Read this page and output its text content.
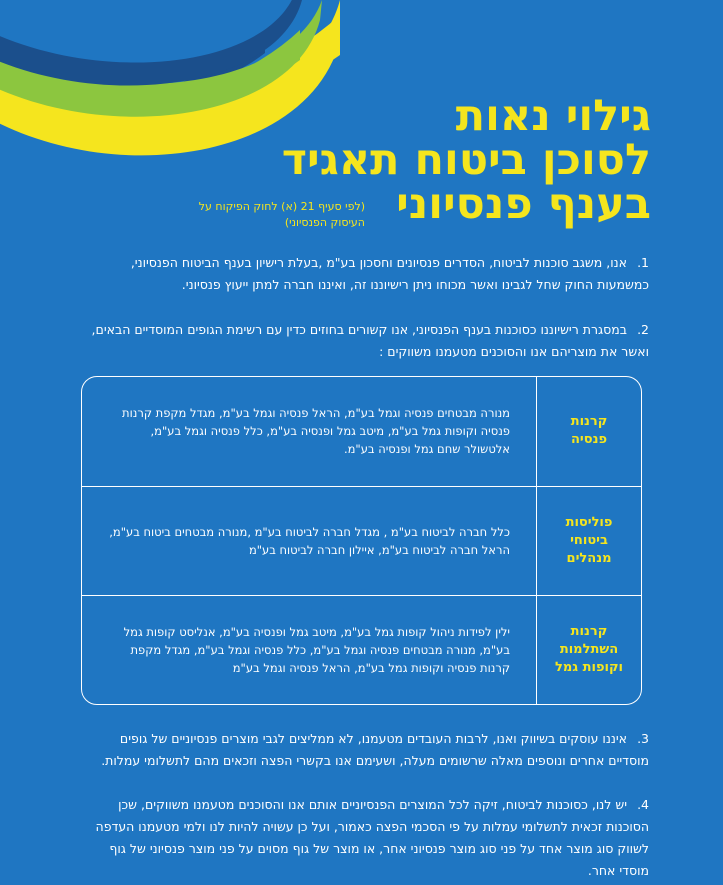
גילוי נאות
לסוכן ביטוח תאגיד
בענף פנסיוני
(לפי סעיף 21 (א) לחוק הפיקוח על העיסוק הפנסיוני)
1.אנו, משגב סוכנות לביטוח, הסדרים פנסיונים וחסכון בע"מ ,בעלת רישיון בענף הביטוח הפנסיוני, כמשמעות החוק שחל לגבינו ואשר מכוחו ניתן רישיוננו זה, ואיננו חברה למתן ייעוץ פנסיוני.
2.במסגרת רישיוננו כסוכנות בענף הפנסיוני, אנו קשורים בחוזים כדין עם רשימת הגופים המוסדיים הבאים, ואשר את מוצריהם אנו והסוכנים מטעמנו משווקים :
קרנות
פנסיה
מנורה מבטחים פנסיה וגמל בע"מ, הראל פנסיה וגמל בע"מ, מגדל מקפת קרנות פנסיה וקופות גמל בע"מ, מיטב גמל ופנסיה בע"מ, כלל פנסיה וגמל בע"מ, אלטשולר שחם גמל ופנסיה בע"מ.
פוליסות
ביטוחי
מנהלים
כלל חברה לביטוח בע"מ , מגדל חברה לביטוח בע"מ ,מנורה מבטחים ביטוח בע"מ, הראל חברה לביטוח בע"מ, איילון חברה לביטוח בע"מ
קרנות
השתלמות
וקופות גמל
ילין לפידות ניהול קופות גמל בע"מ, מיטב גמל ופנסיה בע"מ, אנליסט קופות גמל בע"מ, מנורה מבטחים פנסיה וגמל בע"מ, כלל פנסיה וגמל בע"מ, מגדל מקפת קרנות פנסיה וקופות גמל בע"מ, הראל פנסיה וגמל בע"מ
3.איננו עוסקים בשיווק ואנו, לרבות העובדים מטעמנו, לא ממליצים לגבי מוצרים פנסיוניים של גופים מוסדיים אחרים ונוספים מאלה שרשומים מעלה, ושעימם אנו בקשרי הפצה וזכאים מהם לתשלומי עמלות.
4.יש לנו, כסוכנות לביטוח, זיקה לכל המוצרים הפנסיוניים אותם אנו והסוכנים מטעמנו משווקים, שכן הסוכנות זכאית לתשלומי עמלות על פי הסכמי הפצה כאמור, ועל כן עשויה להיות לנו ולמי מטעמנו העדפה לשווק סוג מוצר אחד על פני סוג מוצר פנסיוני אחר, או מוצר של גוף מסוים על פני מוצר פנסיוני של גוף מוסדי אחר.
